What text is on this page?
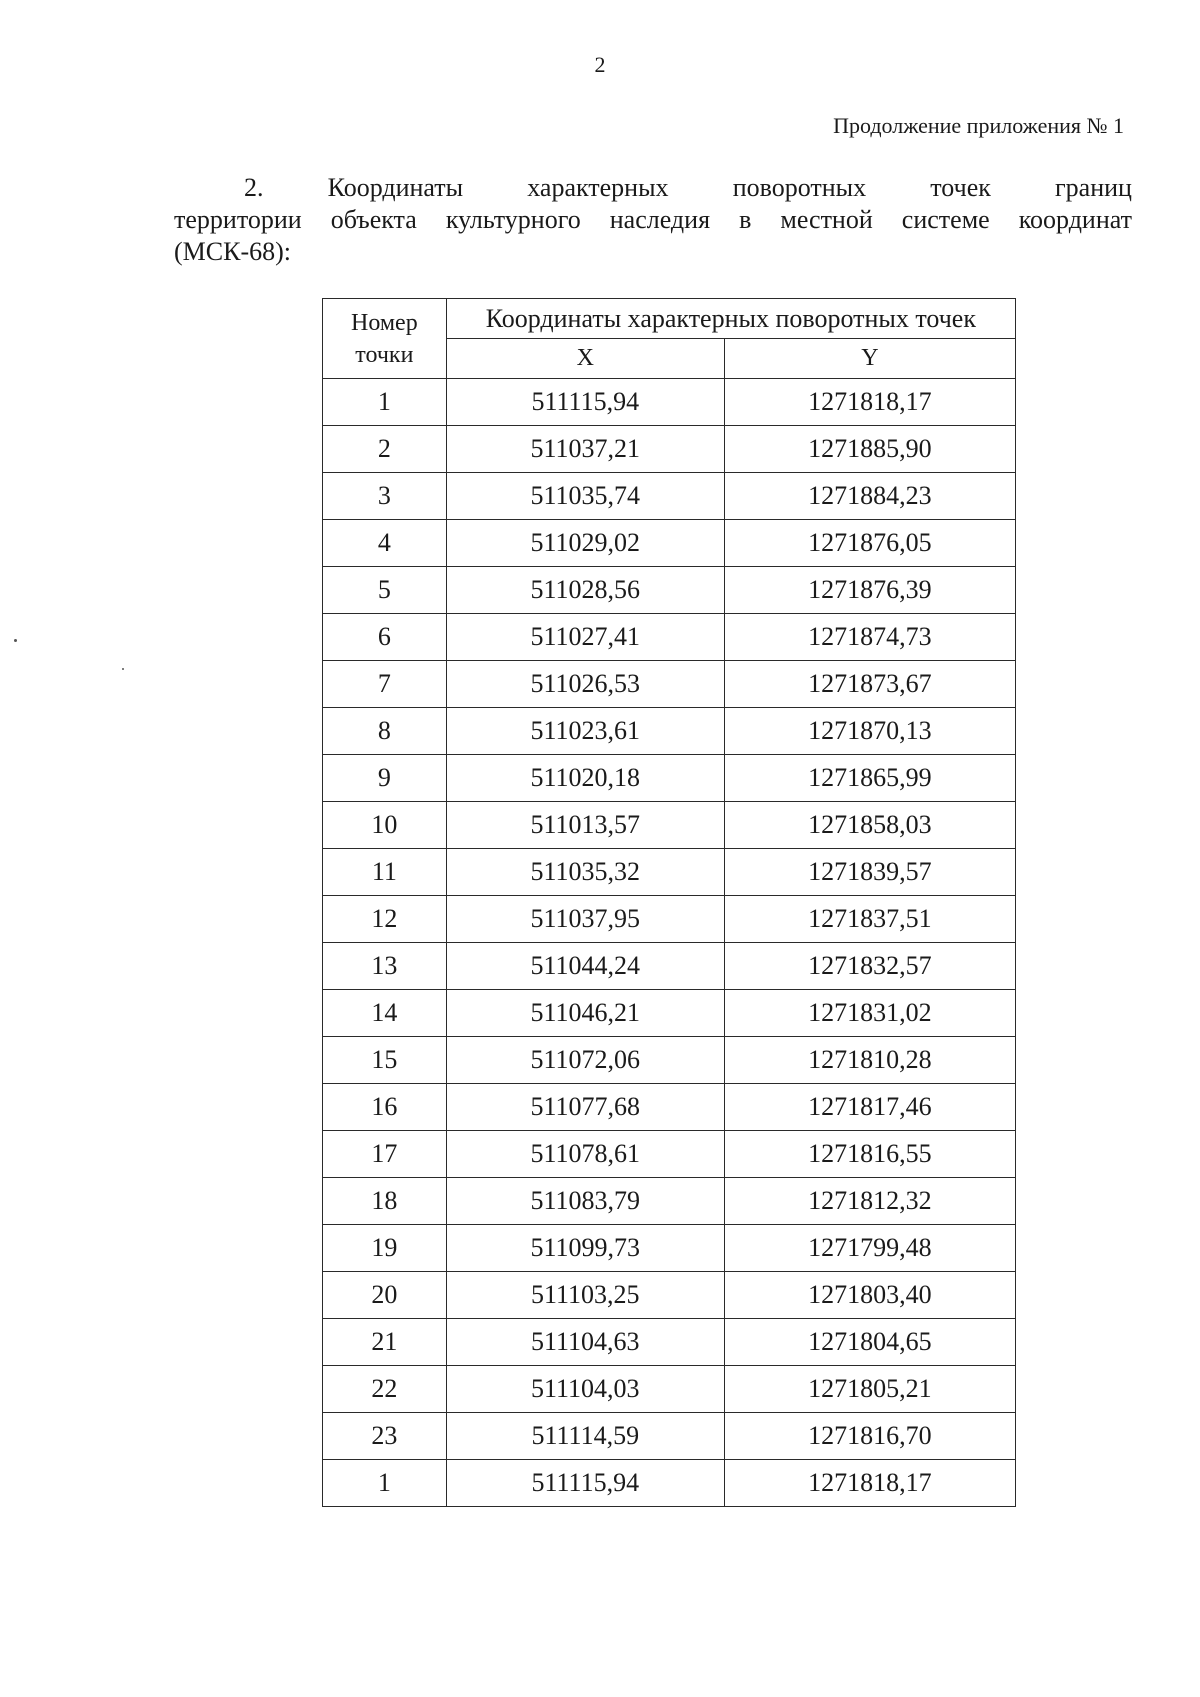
2
Продолжение приложения № 1
2. Координаты характерных поворотных точек границ
территории объекта культурного наследия в местной системе координат
(МСК-68):
Номер
точки	Координаты характерных поворотных точек	
	X	Y
1	511115,94	1271818,17
2	511037,21	1271885,90
3	511035,74	1271884,23
4	511029,02	1271876,05
5	511028,56	1271876,39
6	511027,41	1271874,73
7	511026,53	1271873,67
8	511023,61	1271870,13
9	511020,18	1271865,99
10	511013,57	1271858,03
11	511035,32	1271839,57
12	511037,95	1271837,51
13	511044,24	1271832,57
14	511046,21	1271831,02
15	511072,06	1271810,28
16	511077,68	1271817,46
17	511078,61	1271816,55
18	511083,79	1271812,32
19	511099,73	1271799,48
20	511103,25	1271803,40
21	511104,63	1271804,65
22	511104,03	1271805,21
23	511114,59	1271816,70
1	511115,94	1271818,17
